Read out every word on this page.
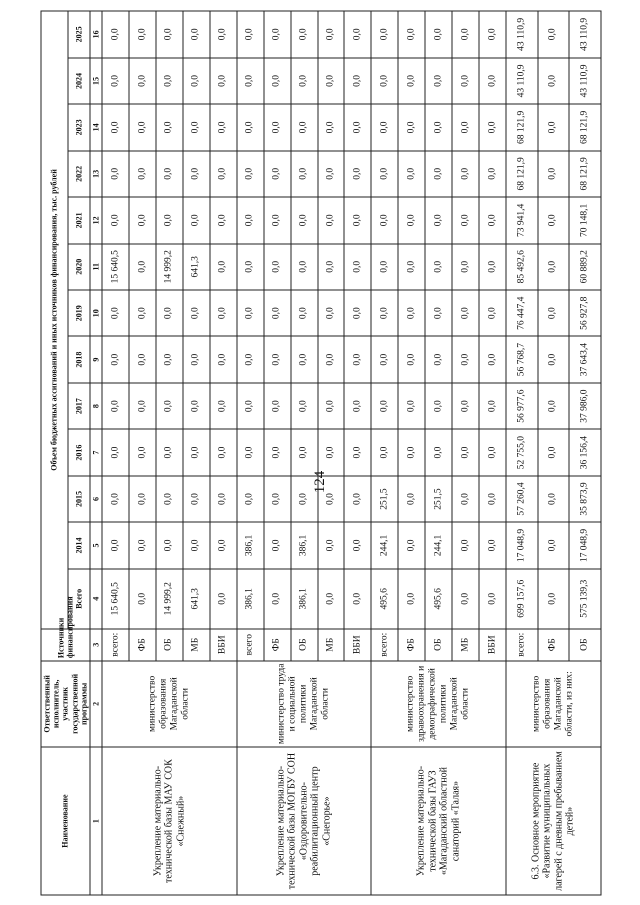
124
Наименование	Ответственный исполнитель, участник государственной программы	Источники финансирования	Объем бюджетных ассигнований и иных источников финансирования, тыс. рублей												
			Всего	2014	2015	2016	2017	2018	2019	2020	2021	2022	2023	2024	2025
1	2	3	4	5	6	7	8	9	10	11	12	13	14	15	16
Укрепление материально-технической базы МАУ СОК «Снежный»	министерство образования Магаданской области	всего:	15 640,5	0,0	0,0	0,0	0,0	0,0	0,0	15 640,5	0,0	0,0	0,0	0,0	0,0
		ФБ	0,0	0,0	0,0	0,0	0,0	0,0	0,0	0,0	0,0	0,0	0,0	0,0	0,0
		ОБ	14 999,2	0,0	0,0	0,0	0,0	0,0	0,0	14 999,2	0,0	0,0	0,0	0,0	0,0
		МБ	641,3	0,0	0,0	0,0	0,0	0,0	0,0	641,3	0,0	0,0	0,0	0,0	0,0
		ВБИ	0,0	0,0	0,0	0,0	0,0	0,0	0,0	0,0	0,0	0,0	0,0	0,0	0,0
Укрепление материально-технической базы МОГБУ СОН «Оздоровительно-реабилитационный центр «Снегорье»	министерство труда и социальной политики Магаданской области	всего	386,1	386,1	0,0	0,0	0,0	0,0	0,0	0,0	0,0	0,0	0,0	0,0	0,0
		ФБ	0,0	0,0	0,0	0,0	0,0	0,0	0,0	0,0	0,0	0,0	0,0	0,0	0,0
		ОБ	386,1	386,1	0,0	0,0	0,0	0,0	0,0	0,0	0,0	0,0	0,0	0,0	0,0
		МБ	0,0	0,0	0,0	0,0	0,0	0,0	0,0	0,0	0,0	0,0	0,0	0,0	0,0
		ВБИ	0,0	0,0	0,0	0,0	0,0	0,0	0,0	0,0	0,0	0,0	0,0	0,0	0,0
Укрепление материально-технической базы ГАУЗ «Магаданский областной санаторий «Талая»	министерство здравоохранения и демографической политики Магаданской области	всего:	495,6	244,1	251,5	0,0	0,0	0,0	0,0	0,0	0,0	0,0	0,0	0,0	0,0
		ФБ	0,0	0,0	0,0	0,0	0,0	0,0	0,0	0,0	0,0	0,0	0,0	0,0	0,0
		ОБ	495,6	244,1	251,5	0,0	0,0	0,0	0,0	0,0	0,0	0,0	0,0	0,0	0,0
		МБ	0,0	0,0	0,0	0,0	0,0	0,0	0,0	0,0	0,0	0,0	0,0	0,0	0,0
		ВБИ	0,0	0,0	0,0	0,0	0,0	0,0	0,0	0,0	0,0	0,0	0,0	0,0	0,0
6.3. Основное мероприятие «Развитие муниципальных лагерей с дневным пребыванием детей»	министерство образования Магаданской области, из них:	всего:	699 157,6	17 048,9	57 260,4	52 755,0	56 977,6	56 768,7	76 447,4	85 492,6	73 941,4	68 121,9	68 121,9	43 110,9	43 110,9
		ФБ	0,0	0,0	0,0	0,0	0,0	0,0	0,0	0,0	0,0	0,0	0,0	0,0	0,0
		ОБ	575 139,3	17 048,9	35 873,9	36 156,4	37 986,0	37 643,4	56 927,8	60 889,2	70 148,1	68 121,9	68 121,9	43 110,9	43 110,9
